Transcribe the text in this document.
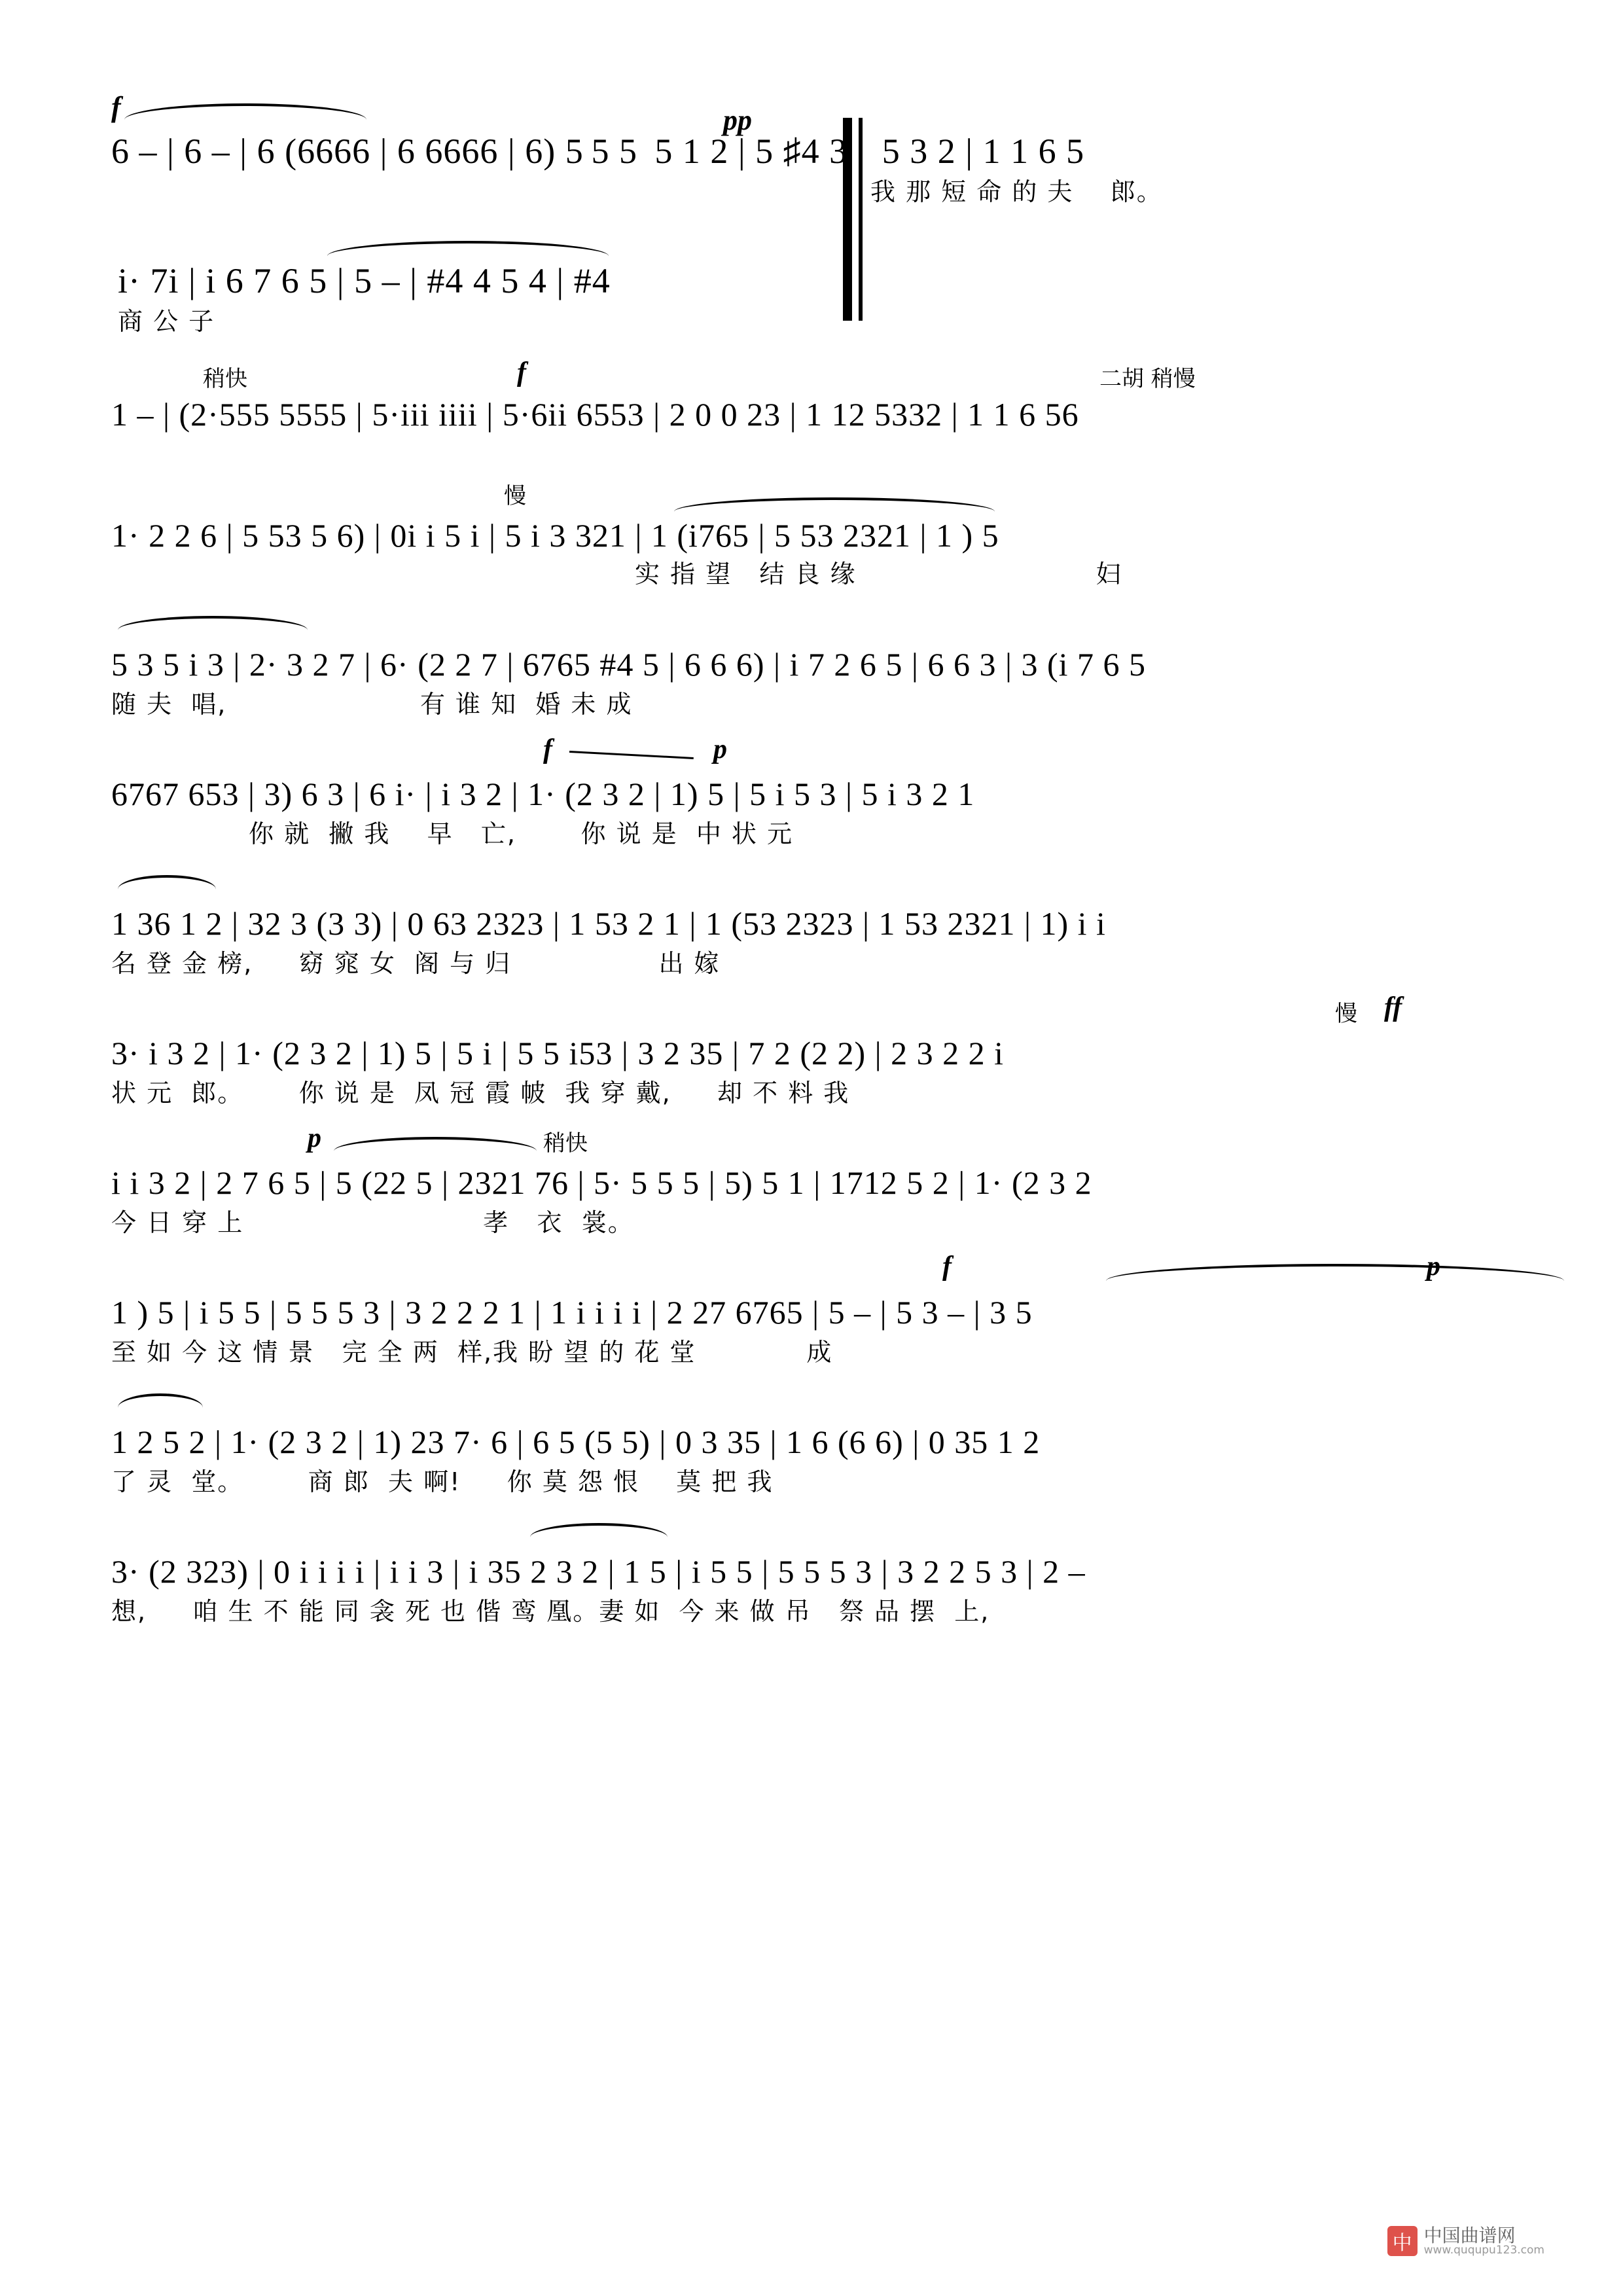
f	pp
6 – | 6 – | 6 (6666 | 6 6666 | 6) 5 5 5  5 1 2 | 5 ♯4 3 |  5 3 2 | 1 1 6 5
我 那 短 命 的 夫    郎。
i· 7i | i 6 7 6 5 | 5 – | #4 4 5 4 | #4
商 公 子
稍快	f	二胡 稍慢
1 – | (2·555 5555 | 5·iii iiii | 5·6ii 6553 | 2 0 0 23 | 1 12 5332 | 1 1 6 56
慢
1· 2 2 6 | 5 53 5 6) | 0i i 5 i | 5 i 3 321 | 1 (i765 | 5 53 2321 | 1 ) 5
实 指 望   结 良 缘                          妇
5 3 5 i 3 | 2· 3 2 7 | 6· (2 2 7 | 6765 #4 5 | 6 6 6) | i 7 2 6 5 | 6 6 3 | 3 (i 7 6 5
随 夫  唱,                     有 谁 知  婚 未 成
f	p
6767 653 | 3) 6 3 | 6 i· | i 3 2 | 1· (2 3 2 | 1) 5 | 5 i 5 3 | 5 i 3 2 1
你 就  撇 我    早   亡,       你 说 是  中 状 元
1 36 1 2 | 32 3 (3 3) | 0 63 2323 | 1 53 2 1 | 1 (53 2323 | 1 53 2321 | 1) i i
名 登 金 榜,     窈 窕 女  阁 与 归                出 嫁
慢 ff
3· i 3 2 | 1· (2 3 2 | 1) 5 | 5 i | 5 5 i53 | 3 2 35 | 7 2 (2 2) | 2 3 2 2 i
状 元  郎。      你 说 是  凤 冠 霞 帔  我 穿 戴,     却 不 料 我
p	稍快
i i 3 2 | 2 7 6 5 | 5 (22 5 | 2321 76 | 5· 5 5 5 | 5) 5 1 | 1712 5 2 | 1· (2 3 2
今 日 穿 上                          孝   衣  裳。
f	p
1 ) 5 | i 5 5 | 5 5 5 3 | 3 2 2 2 1 | 1 i i i i | 2 27 6765 | 5 – | 5 3 – | 3 5
至 如 今 这 情 景   完 全 两  样,我 盼 望 的 花 堂            成
1 2 5 2 | 1· (2 3 2 | 1) 23 7· 6 | 6 5 (5 5) | 0 3 35 | 1 6 (6 6) | 0 35 1 2
了 灵  堂。       商 郎  夫 啊!     你 莫 怨 恨    莫 把 我
3· (2 323) | 0 i i i i | i i 3 | i 35 2 3 2 | 1 5 | i 5 5 | 5 5 5 3 | 3 2 2 5 3 | 2 –
想,     咱 生 不 能 同 衾 死 也 偕 鸾 凰。妻 如  今 来 做 吊   祭 品 摆  上,
中 中国曲谱网
www.ququpu123.com
